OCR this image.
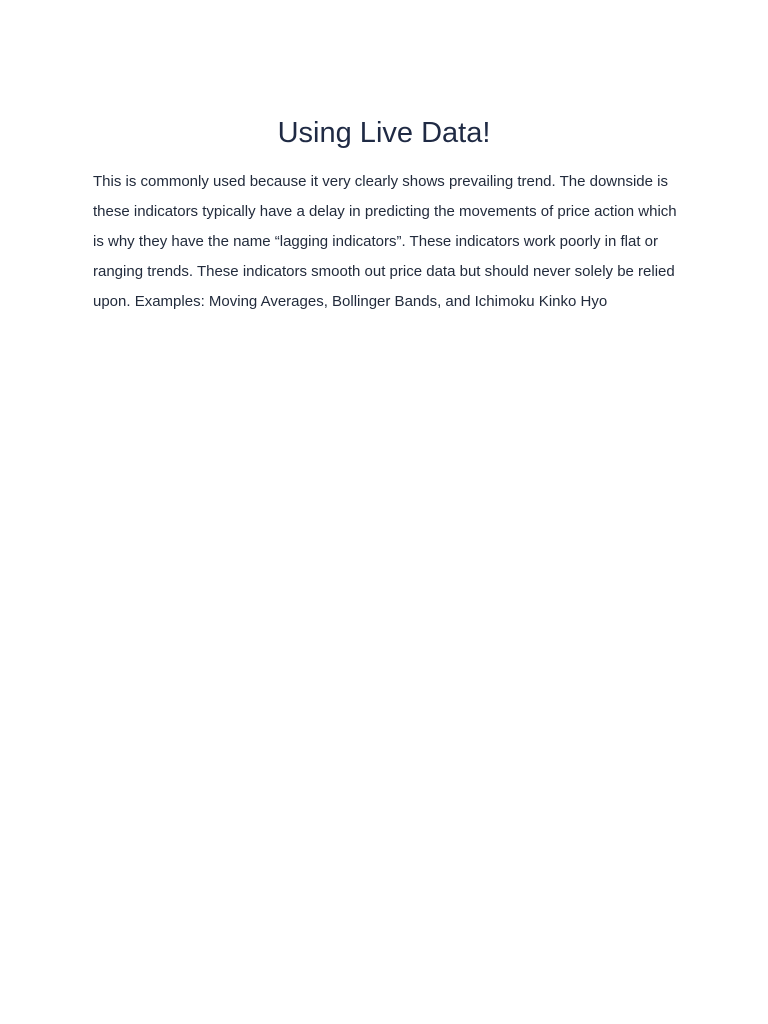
Using Live Data!

This is commonly used because it very clearly shows prevailing trend. The downside is these indicators typically have a delay in predicting the movements of price action which is why they have the name “lagging indicators”. These indicators work poorly in flat or ranging trends. These indicators smooth out price data but should never solely be relied upon. Examples: Moving Averages, Bollinger Bands, and Ichimoku Kinko Hyo
